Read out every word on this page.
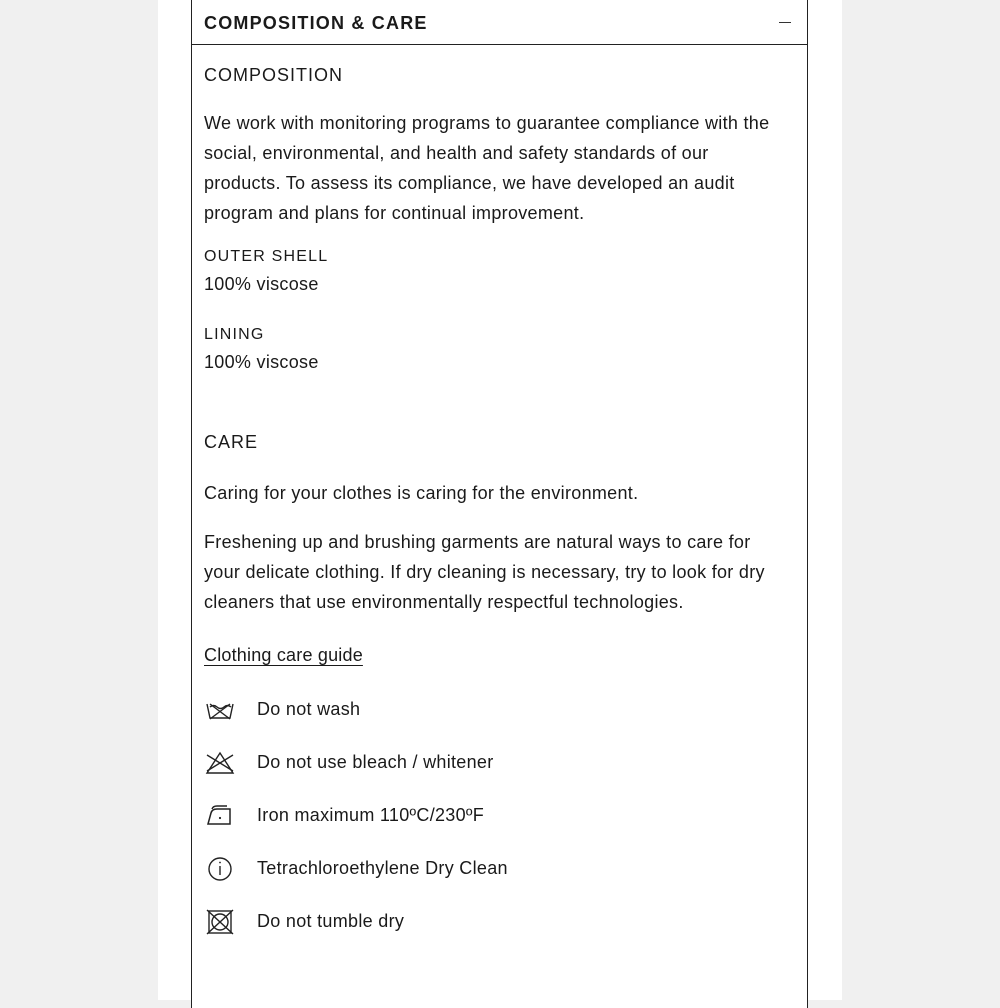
COMPOSITION & CARE
COMPOSITION

We work with monitoring programs to guarantee compliance with the

social, environmental, and health and safety standards of our

products. To assess its compliance, we have developed an audit

program and plans for continual improvement.

OUTER SHELL

100% viscose

LINING

100% viscose

CARE

Caring for your clothes is caring for the environment.

Freshening up and brushing garments are natural ways to care for

your delicate clothing. If dry cleaning is necessary, try to look for dry

cleaners that use environmentally respectful technologies.

Clothing care guide
Do not wash
Do not use bleach / whitener
Iron maximum 110ºC/230ºF
Tetrachloroethylene Dry Clean
Do not tumble dry
